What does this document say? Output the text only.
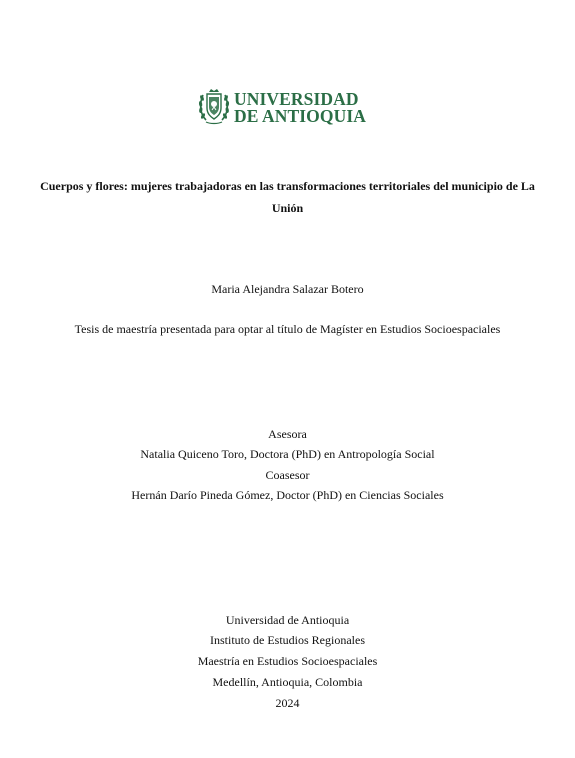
UNIVERSIDAD
DE ANTIOQUIA
Cuerpos y flores: mujeres trabajadoras en las transformaciones territoriales del municipio de La Unión
Maria Alejandra Salazar Botero
Tesis de maestría presentada para optar al título de Magíster en Estudios Socioespaciales
Asesora
Natalia Quiceno Toro, Doctora (PhD) en Antropología Social
Coasesor
Hernán Darío Pineda Gómez, Doctor (PhD) en Ciencias Sociales
Universidad de Antioquia
Instituto de Estudios Regionales
Maestría en Estudios Socioespaciales
Medellín, Antioquia, Colombia
2024
